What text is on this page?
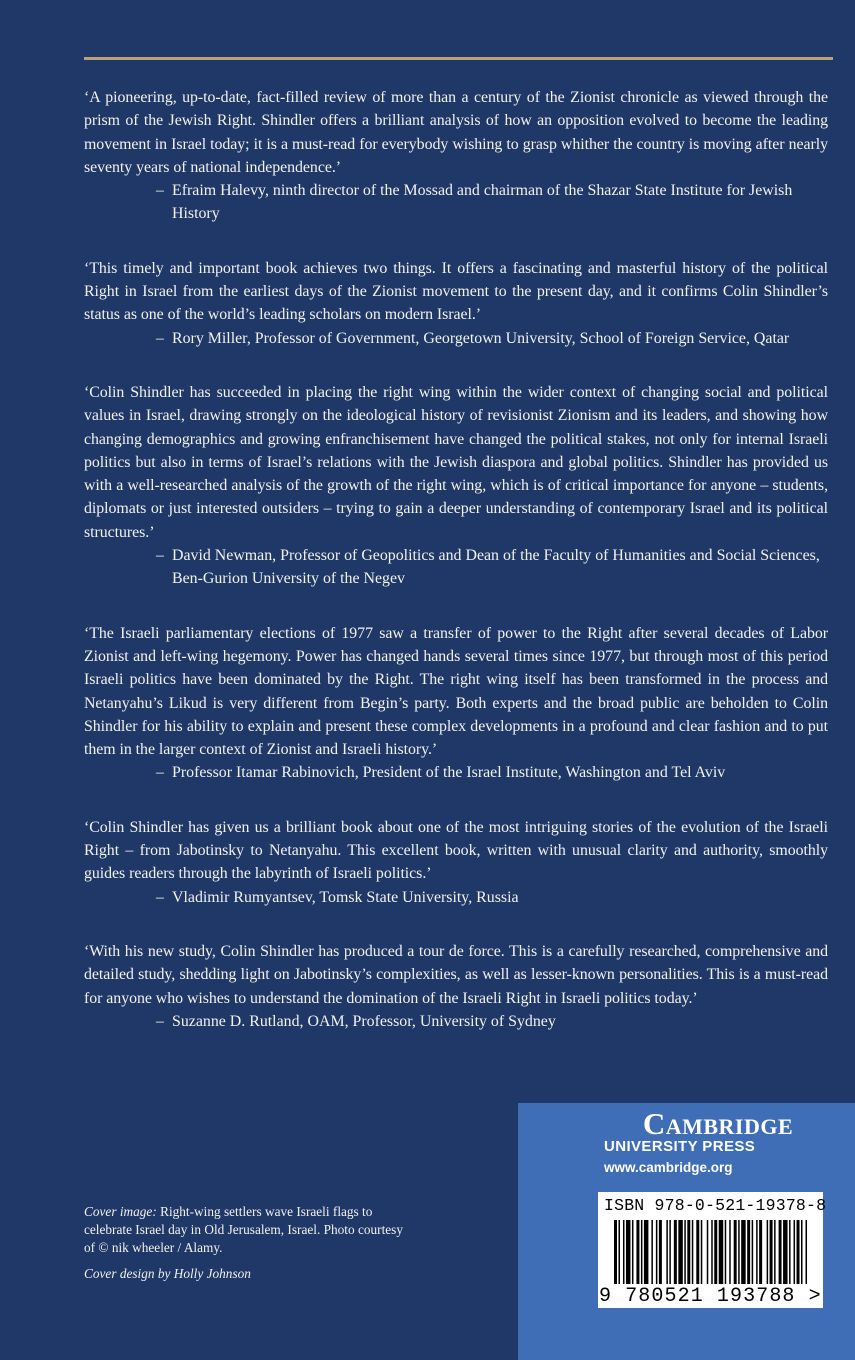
‘A pioneering, up-to-date, fact-filled review of more than a century of the Zionist chronicle as viewed through the prism of the Jewish Right. Shindler offers a brilliant analysis of how an opposition evolved to become the leading movement in Israel today; it is a must-read for everybody wishing to grasp whither the country is moving after nearly seventy years of national independence.’

– Efraim Halevy, ninth director of the Mossad and chairman of the Shazar State Institute for Jewish History

‘This timely and important book achieves two things. It offers a fascinating and masterful history of the political Right in Israel from the earliest days of the Zionist movement to the present day, and it confirms Colin Shindler’s status as one of the world’s leading scholars on modern Israel.’

– Rory Miller, Professor of Government, Georgetown University, School of Foreign Service, Qatar

‘Colin Shindler has succeeded in placing the right wing within the wider context of changing social and political values in Israel, drawing strongly on the ideological history of revisionist Zionism and its leaders, and showing how changing demographics and growing enfranchisement have changed the political stakes, not only for internal Israeli politics but also in terms of Israel’s relations with the Jewish diaspora and global politics. Shindler has provided us with a well-researched analysis of the growth of the right wing, which is of critical importance for anyone – students, diplomats or just interested outsiders – trying to gain a deeper understanding of contemporary Israel and its political structures.’

– David Newman, Professor of Geopolitics and Dean of the Faculty of Humanities and Social Sciences, Ben-Gurion University of the Negev

‘The Israeli parliamentary elections of 1977 saw a transfer of power to the Right after several decades of Labor Zionist and left-wing hegemony. Power has changed hands several times since 1977, but through most of this period Israeli politics have been dominated by the Right. The right wing itself has been transformed in the process and Netanyahu’s Likud is very different from Begin’s party. Both experts and the broad public are beholden to Colin Shindler for his ability to explain and present these complex developments in a profound and clear fashion and to put them in the larger context of Zionist and Israeli history.’

– Professor Itamar Rabinovich, President of the Israel Institute, Washington and Tel Aviv

‘Colin Shindler has given us a brilliant book about one of the most intriguing stories of the evolution of the Israeli Right – from Jabotinsky to Netanyahu. This excellent book, written with unusual clarity and authority, smoothly guides readers through the labyrinth of Israeli politics.’

– Vladimir Rumyantsev, Tomsk State University, Russia

‘With his new study, Colin Shindler has produced a tour de force. This is a carefully researched, comprehensive and detailed study, shedding light on Jabotinsky’s complexities, as well as lesser-known personalities. This is a must-read for anyone who wishes to understand the domination of the Israeli Right in Israeli politics today.’

– Suzanne D. Rutland, OAM, Professor, University of Sydney

Cover image: Right-wing settlers wave Israeli flags to celebrate Israel day in Old Jerusalem, Israel. Photo courtesy of © nik wheeler / Alamy.

Cover design by Holly Johnson

Cambridge
UNIVERSITY PRESS
www.cambridge.org
ISBN 978-0-521-19378-8
9 780521 193788 >
